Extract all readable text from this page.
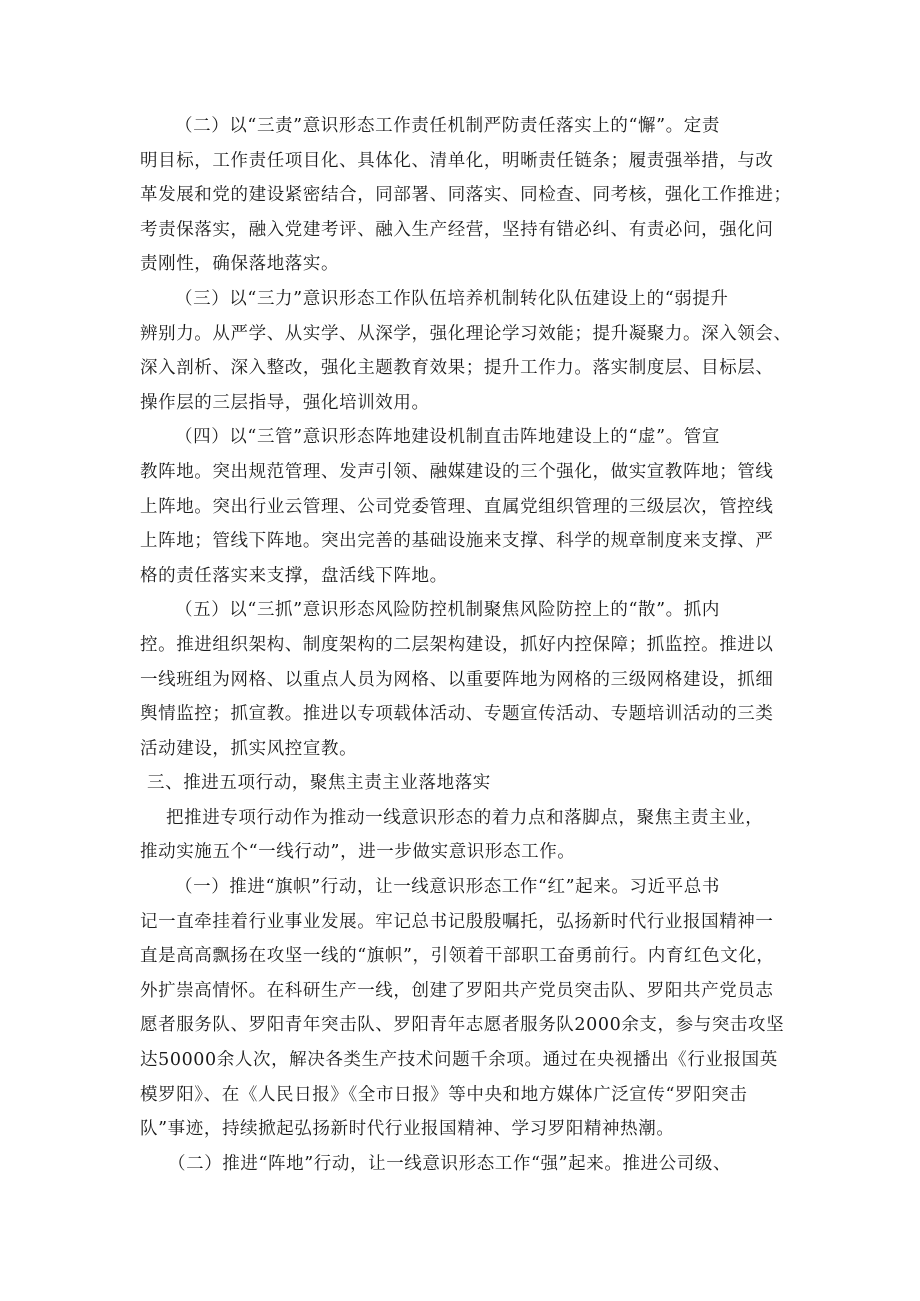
（二）以“三责”意识形态工作责任机制严防责任落实上的“懈”。定责
明目标，工作责任项目化、具体化、清单化，明晰责任链条；履责强举措，与改
革发展和党的建设紧密结合，同部署、同落实、同检查、同考核，强化工作推进；
考责保落实，融入党建考评、融入生产经营，坚持有错必纠、有责必问，强化问
责刚性，确保落地落实。
（三）以“三力”意识形态工作队伍培养机制转化队伍建设上的“弱提升
辨别力。从严学、从实学、从深学，强化理论学习效能；提升凝聚力。深入领会、
深入剖析、深入整改，强化主题教育效果；提升工作力。落实制度层、目标层、
操作层的三层指导，强化培训效用。
（四）以“三管”意识形态阵地建设机制直击阵地建设上的“虚”。管宣
教阵地。突出规范管理、发声引领、融媒建设的三个强化，做实宣教阵地；管线
上阵地。突出行业云管理、公司党委管理、直属党组织管理的三级层次，管控线
上阵地；管线下阵地。突出完善的基础设施来支撑、科学的规章制度来支撑、严
格的责任落实来支撑，盘活线下阵地。
（五）以“三抓”意识形态风险防控机制聚焦风险防控上的“散”。抓内
控。推进组织架构、制度架构的二层架构建设，抓好内控保障；抓监控。推进以
一线班组为网格、以重点人员为网格、以重要阵地为网格的三级网格建设，抓细
舆情监控；抓宣教。推进以专项载体活动、专题宣传活动、专题培训活动的三类
活动建设，抓实风控宣教。
三、推进五项行动，聚焦主责主业落地落实
把推进专项行动作为推动一线意识形态的着力点和落脚点，聚焦主责主业，
推动实施五个“一线行动”，进一步做实意识形态工作。
（一）推进“旗帜”行动，让一线意识形态工作“红”起来。习近平总书
记一直牵挂着行业事业发展。牢记总书记殷殷嘱托，弘扬新时代行业报国精神一
直是高高飘扬在攻坚一线的“旗帜”，引领着干部职工奋勇前行。内育红色文化，
外扩崇高情怀。在科研生产一线，创建了罗阳共产党员突击队、罗阳共产党员志
愿者服务队、罗阳青年突击队、罗阳青年志愿者服务队2000余支，参与突击攻坚
达50000余人次，解决各类生产技术问题千余项。通过在央视播出《行业报国英
模罗阳》、在《人民日报》《全市日报》等中央和地方媒体广泛宣传“罗阳突击
队”事迹，持续掀起弘扬新时代行业报国精神、学习罗阳精神热潮。
（二）推进“阵地”行动，让一线意识形态工作“强”起来。推进公司级、
